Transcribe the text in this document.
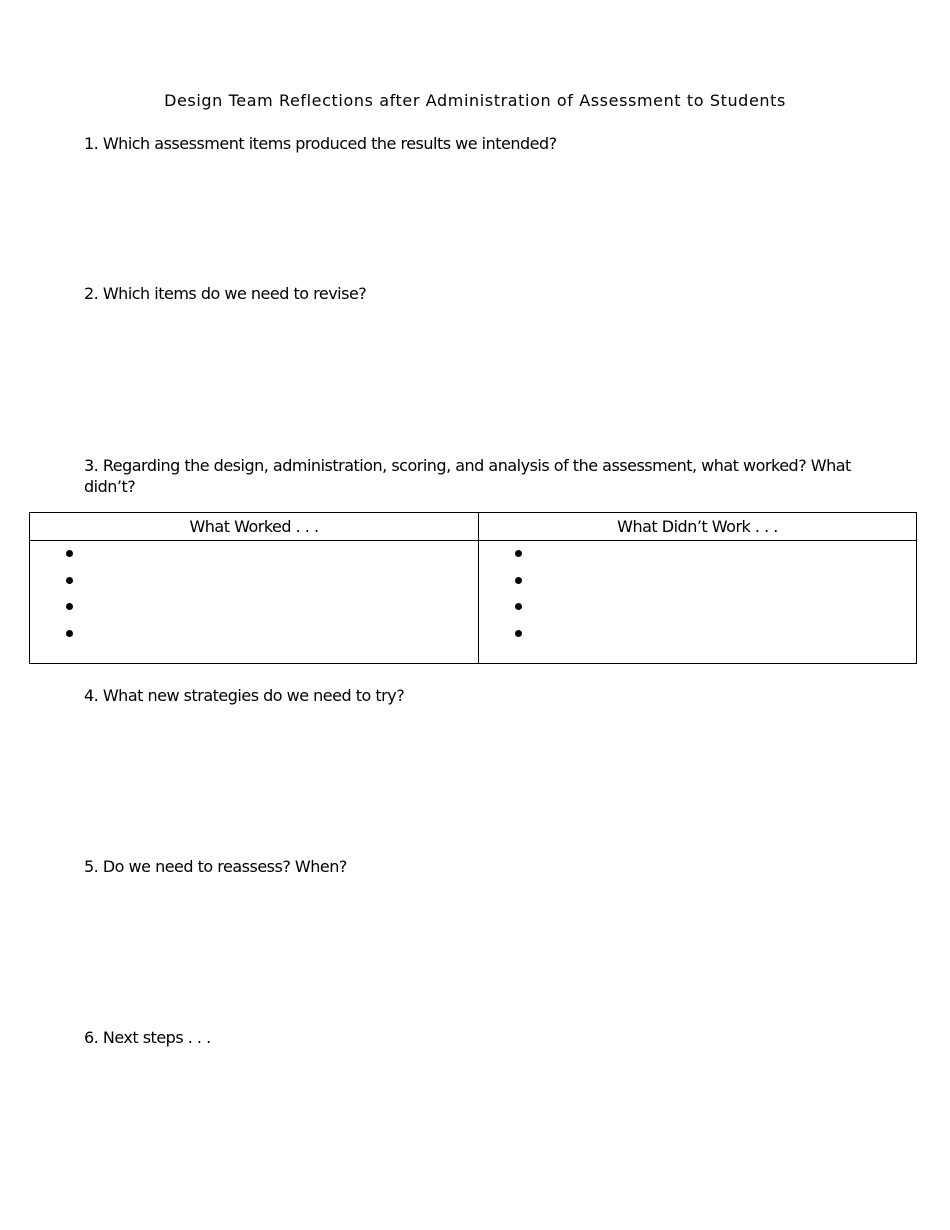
Design Team Reflections after Administration of Assessment to Students
1. Which assessment items produced the results we intended?
2. Which items do we need to revise?
3. Regarding the design, administration, scoring, and analysis of the assessment, what worked? What didn’t?
What Worked . . .	What Didn’t Work . . .

4. What new strategies do we need to try?
5. Do we need to reassess? When?
6. Next steps . . .
